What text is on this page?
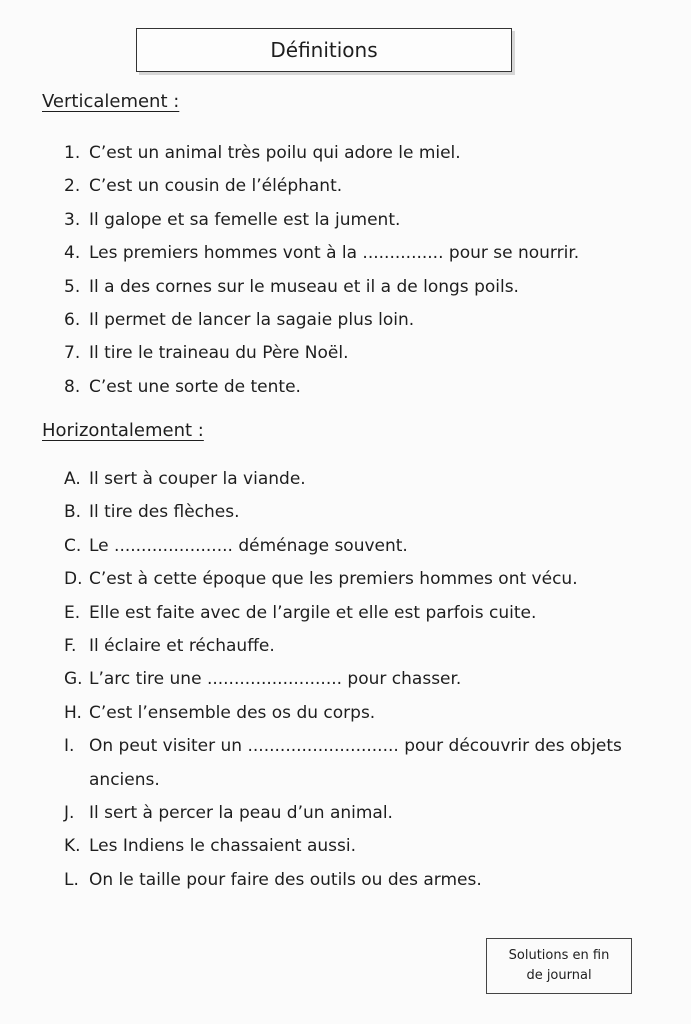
Définitions
Verticalement :
1. C’est un animal très poilu qui adore le miel.
2. C’est un cousin de l’éléphant.
3. Il galope et sa femelle est la jument.
4. Les premiers hommes vont à la ............... pour se nourrir.
5. Il a des cornes sur le museau et il a de longs poils.
6. Il permet de lancer la sagaie plus loin.
7. Il tire le traineau du Père Noël.
8. C’est une sorte de tente.
Horizontalement :
A. Il sert à couper la viande.
B. Il tire des flèches.
C. Le ...................... déménage souvent.
D. C’est à cette époque que les premiers hommes ont vécu.
E. Elle est faite avec de l’argile et elle est parfois cuite.
F. Il éclaire et réchauffe.
G. L’arc tire une ......................... pour chasser.
H. C’est l’ensemble des os du corps.
I. On peut visiter un ............................ pour découvrir des objets anciens.
J. Il sert à percer la peau d’un animal.
K. Les Indiens le chassaient aussi.
L. On le taille pour faire des outils ou des armes.
Solutions en fin
de journal
